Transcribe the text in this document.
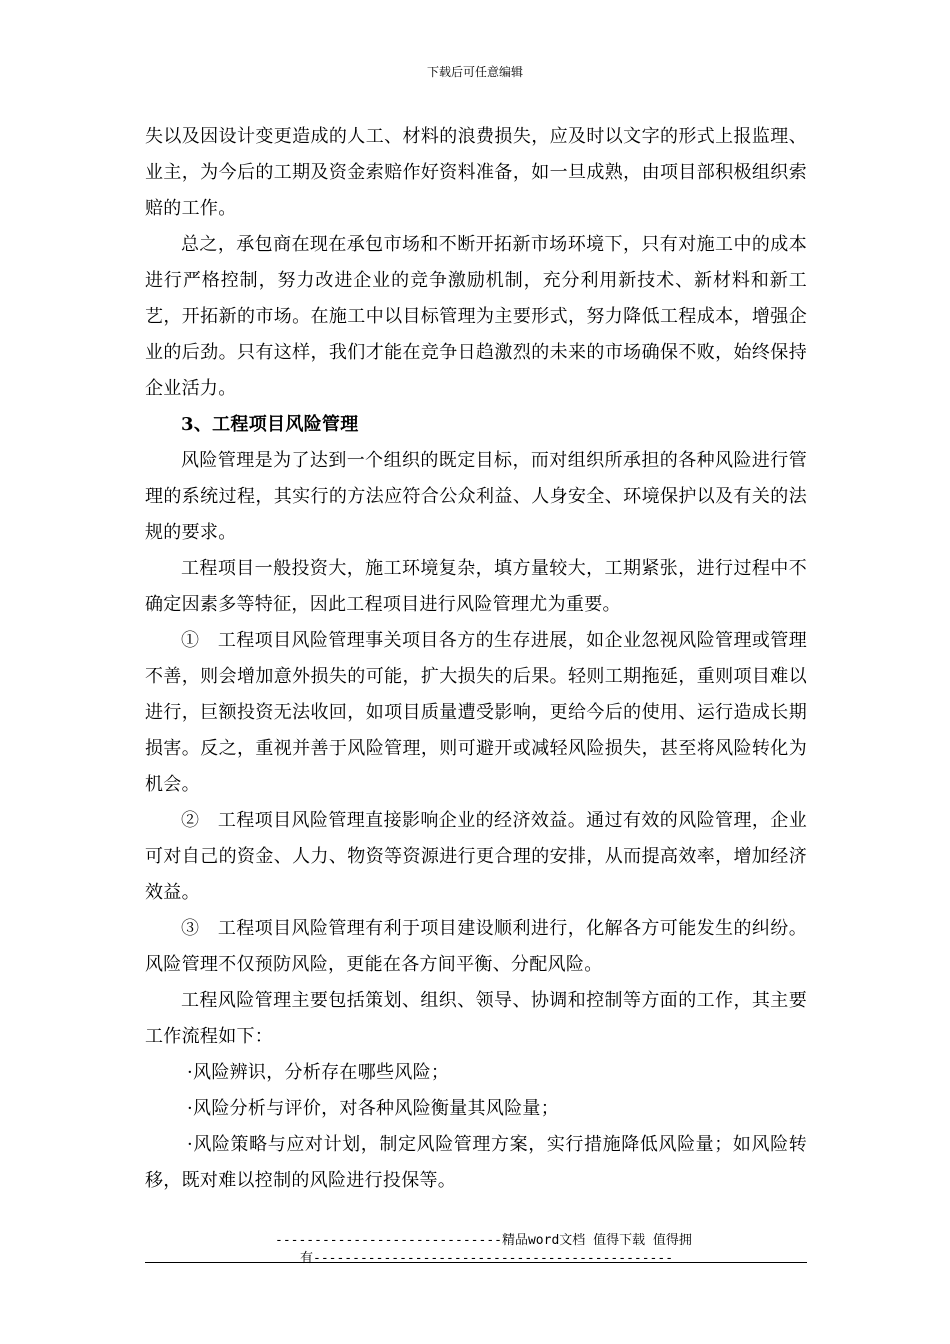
下载后可任意编辑

失以及因设计变更造成的人工、材料的浪费损失，应及时以文字的形式上报监理、业主，为今后的工期及资金索赔作好资料准备，如一旦成熟，由项目部积极组织索赔的工作。

总之，承包商在现在承包市场和不断开拓新市场环境下，只有对施工中的成本进行严格控制，努力改进企业的竞争激励机制，充分利用新技术、新材料和新工艺，开拓新的市场。在施工中以目标管理为主要形式，努力降低工程成本，增强企业的后劲。只有这样，我们才能在竞争日趋激烈的未来的市场确保不败，始终保持企业活力。

3、工程项目风险管理

风险管理是为了达到一个组织的既定目标，而对组织所承担的各种风险进行管理的系统过程，其实行的方法应符合公众利益、人身安全、环境保护以及有关的法规的要求。

工程项目一般投资大，施工环境复杂，填方量较大，工期紧张，进行过程中不确定因素多等特征，因此工程项目进行风险管理尤为重要。

①　工程项目风险管理事关项目各方的生存进展，如企业忽视风险管理或管理不善，则会增加意外损失的可能，扩大损失的后果。轻则工期拖延，重则项目难以进行，巨额投资无法收回，如项目质量遭受影响，更给今后的使用、运行造成长期损害。反之，重视并善于风险管理，则可避开或减轻风险损失，甚至将风险转化为机会。

②　工程项目风险管理直接影响企业的经济效益。通过有效的风险管理，企业可对自己的资金、人力、物资等资源进行更合理的安排，从而提高效率，增加经济效益。

③　工程项目风险管理有利于项目建设顺利进行，化解各方可能发生的纠纷。风险管理不仅预防风险，更能在各方间平衡、分配风险。

工程风险管理主要包括策划、组织、领导、协调和控制等方面的工作，其主要工作流程如下：

·风险辨识，分析存在哪些风险；

·风险分析与评价，对各种风险衡量其风险量；

·风险策略与应对计划，制定风险管理方案，实行措施降低风险量；如风险转移，既对难以控制的风险进行投保等。

-----------------------------精品word文档 值得下载 值得拥
有----------------------------------------------
